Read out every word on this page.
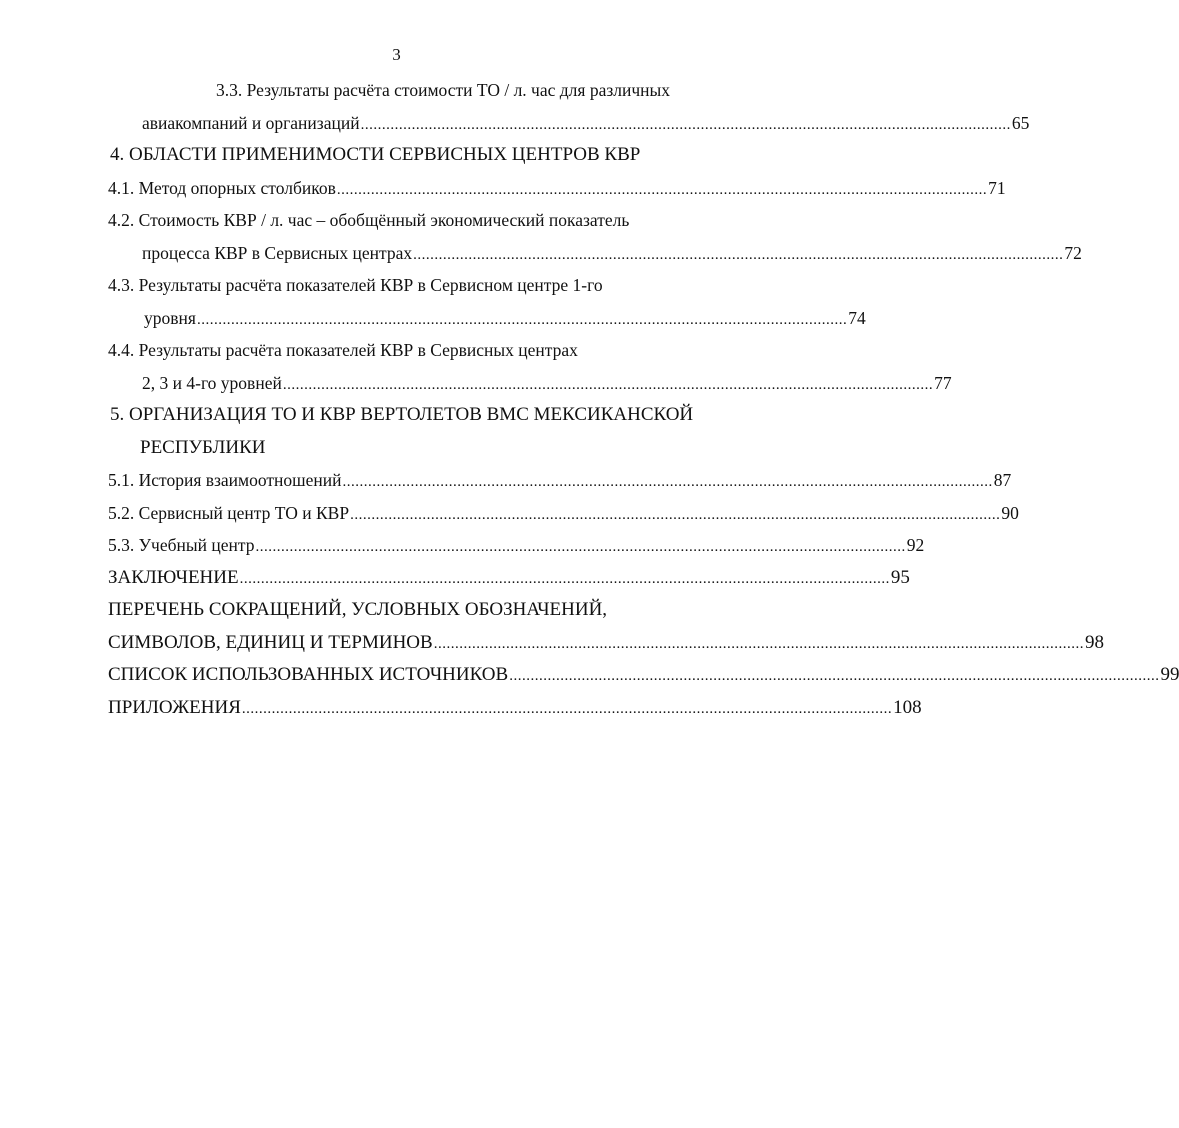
3
3.3. Результаты расчёта стоимости ТО / л. час для различных
авиакомпаний и организаций ......................................................................................................................................................... 65
4. ОБЛАСТИ ПРИМЕНИМОСТИ СЕРВИСНЫХ ЦЕНТРОВ КВР
4.1. Метод опорных столбиков ......................................................................................................................................................... 71
4.2. Стоимость КВР / л. час – обобщённый экономический показатель
процесса КВР в Сервисных центрах ......................................................................................................................................................... 72
4.3. Результаты расчёта показателей КВР в Сервисном центре 1-го
уровня ......................................................................................................................................................... 74
4.4. Результаты расчёта показателей КВР в Сервисных центрах
2, 3 и 4-го уровней ......................................................................................................................................................... 77
5. ОРГАНИЗАЦИЯ ТО И КВР ВЕРТОЛЕТОВ ВМС МЕКСИКАНСКОЙ
РЕСПУБЛИКИ
5.1. История взаимоотношений ......................................................................................................................................................... 87
5.2. Сервисный центр ТО и КВР ......................................................................................................................................................... 90
5.3. Учебный центр ......................................................................................................................................................... 92
ЗАКЛЮЧЕНИЕ ......................................................................................................................................................... 95
ПЕРЕЧЕНЬ СОКРАЩЕНИЙ, УСЛОВНЫХ ОБОЗНАЧЕНИЙ,
СИМВОЛОВ, ЕДИНИЦ И ТЕРМИНОВ ......................................................................................................................................................... 98
СПИСОК ИСПОЛЬЗОВАННЫХ ИСТОЧНИКОВ ......................................................................................................................................................... 99
ПРИЛОЖЕНИЯ ......................................................................................................................................................... 108
